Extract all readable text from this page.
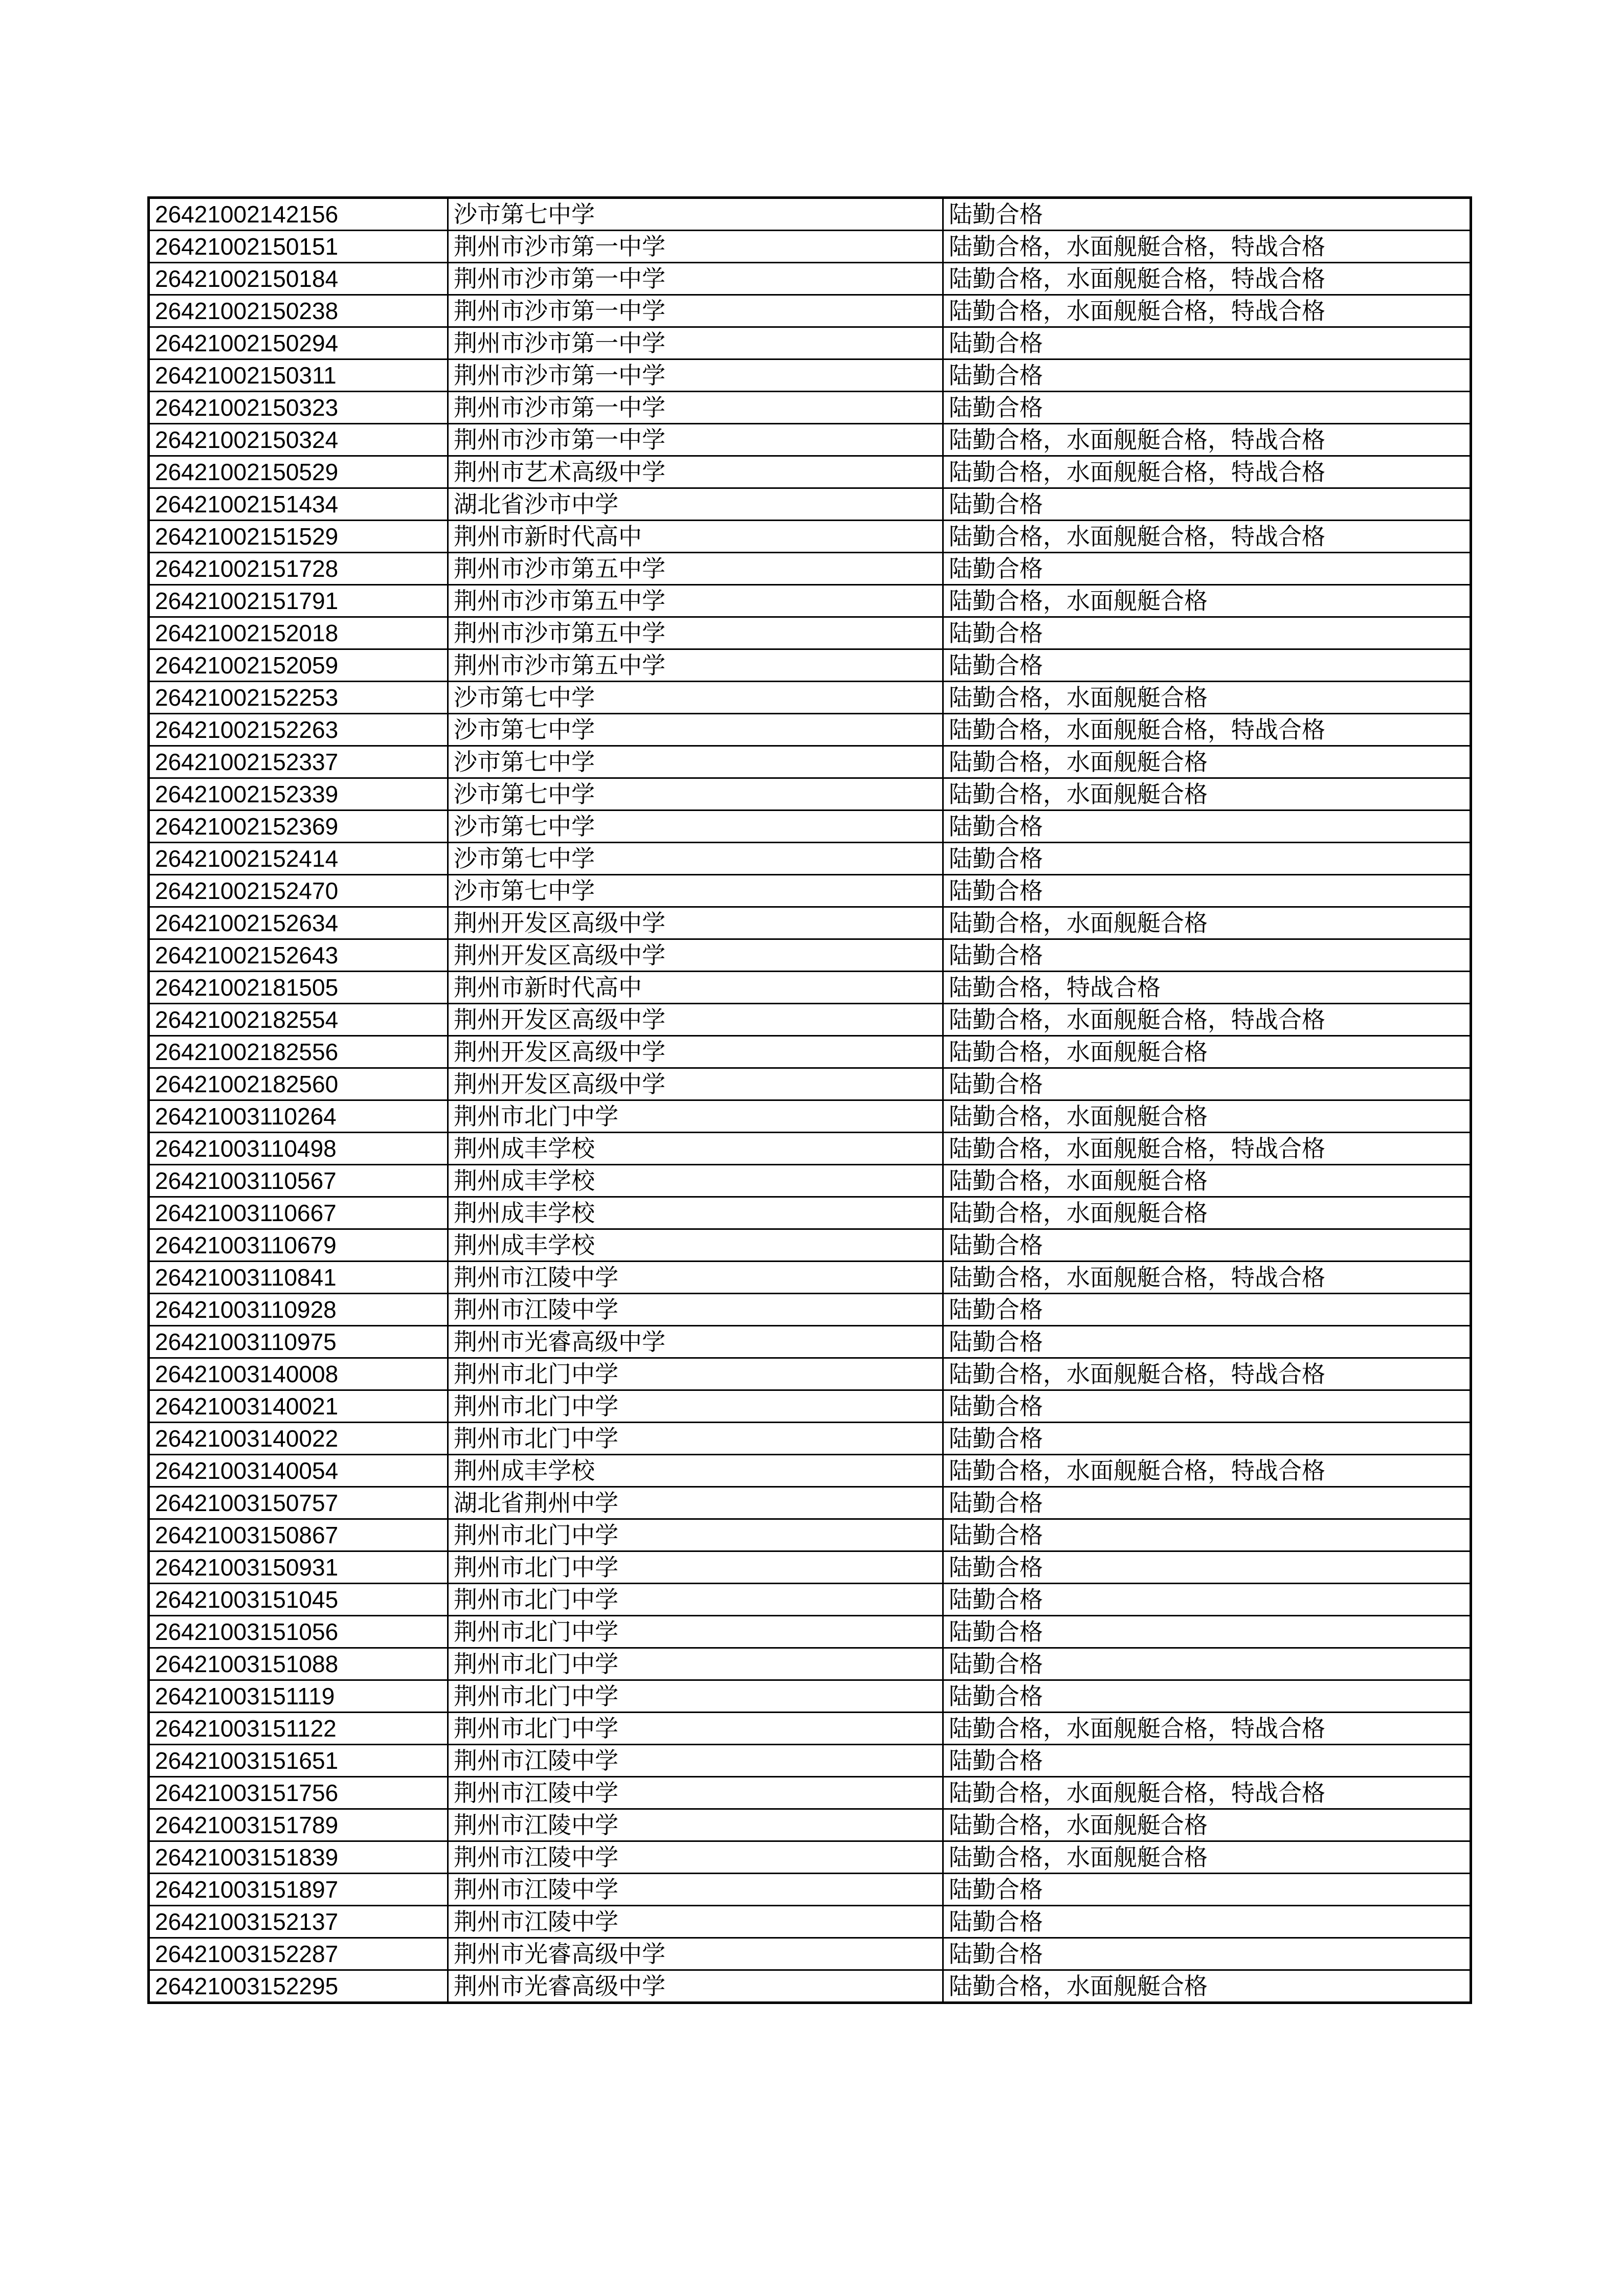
26421002142156	沙市第七中学	陆勤合格
26421002150151	荆州市沙市第一中学	陆勤合格，水面舰艇合格，特战合格
26421002150184	荆州市沙市第一中学	陆勤合格，水面舰艇合格，特战合格
26421002150238	荆州市沙市第一中学	陆勤合格，水面舰艇合格，特战合格
26421002150294	荆州市沙市第一中学	陆勤合格
26421002150311	荆州市沙市第一中学	陆勤合格
26421002150323	荆州市沙市第一中学	陆勤合格
26421002150324	荆州市沙市第一中学	陆勤合格，水面舰艇合格，特战合格
26421002150529	荆州市艺术高级中学	陆勤合格，水面舰艇合格，特战合格
26421002151434	湖北省沙市中学	陆勤合格
26421002151529	荆州市新时代高中	陆勤合格，水面舰艇合格，特战合格
26421002151728	荆州市沙市第五中学	陆勤合格
26421002151791	荆州市沙市第五中学	陆勤合格，水面舰艇合格
26421002152018	荆州市沙市第五中学	陆勤合格
26421002152059	荆州市沙市第五中学	陆勤合格
26421002152253	沙市第七中学	陆勤合格，水面舰艇合格
26421002152263	沙市第七中学	陆勤合格，水面舰艇合格，特战合格
26421002152337	沙市第七中学	陆勤合格，水面舰艇合格
26421002152339	沙市第七中学	陆勤合格，水面舰艇合格
26421002152369	沙市第七中学	陆勤合格
26421002152414	沙市第七中学	陆勤合格
26421002152470	沙市第七中学	陆勤合格
26421002152634	荆州开发区高级中学	陆勤合格，水面舰艇合格
26421002152643	荆州开发区高级中学	陆勤合格
26421002181505	荆州市新时代高中	陆勤合格，特战合格
26421002182554	荆州开发区高级中学	陆勤合格，水面舰艇合格，特战合格
26421002182556	荆州开发区高级中学	陆勤合格，水面舰艇合格
26421002182560	荆州开发区高级中学	陆勤合格
26421003110264	荆州市北门中学	陆勤合格，水面舰艇合格
26421003110498	荆州成丰学校	陆勤合格，水面舰艇合格，特战合格
26421003110567	荆州成丰学校	陆勤合格，水面舰艇合格
26421003110667	荆州成丰学校	陆勤合格，水面舰艇合格
26421003110679	荆州成丰学校	陆勤合格
26421003110841	荆州市江陵中学	陆勤合格，水面舰艇合格，特战合格
26421003110928	荆州市江陵中学	陆勤合格
26421003110975	荆州市光睿高级中学	陆勤合格
26421003140008	荆州市北门中学	陆勤合格，水面舰艇合格，特战合格
26421003140021	荆州市北门中学	陆勤合格
26421003140022	荆州市北门中学	陆勤合格
26421003140054	荆州成丰学校	陆勤合格，水面舰艇合格，特战合格
26421003150757	湖北省荆州中学	陆勤合格
26421003150867	荆州市北门中学	陆勤合格
26421003150931	荆州市北门中学	陆勤合格
26421003151045	荆州市北门中学	陆勤合格
26421003151056	荆州市北门中学	陆勤合格
26421003151088	荆州市北门中学	陆勤合格
26421003151119	荆州市北门中学	陆勤合格
26421003151122	荆州市北门中学	陆勤合格，水面舰艇合格，特战合格
26421003151651	荆州市江陵中学	陆勤合格
26421003151756	荆州市江陵中学	陆勤合格，水面舰艇合格，特战合格
26421003151789	荆州市江陵中学	陆勤合格，水面舰艇合格
26421003151839	荆州市江陵中学	陆勤合格，水面舰艇合格
26421003151897	荆州市江陵中学	陆勤合格
26421003152137	荆州市江陵中学	陆勤合格
26421003152287	荆州市光睿高级中学	陆勤合格
26421003152295	荆州市光睿高级中学	陆勤合格，水面舰艇合格
